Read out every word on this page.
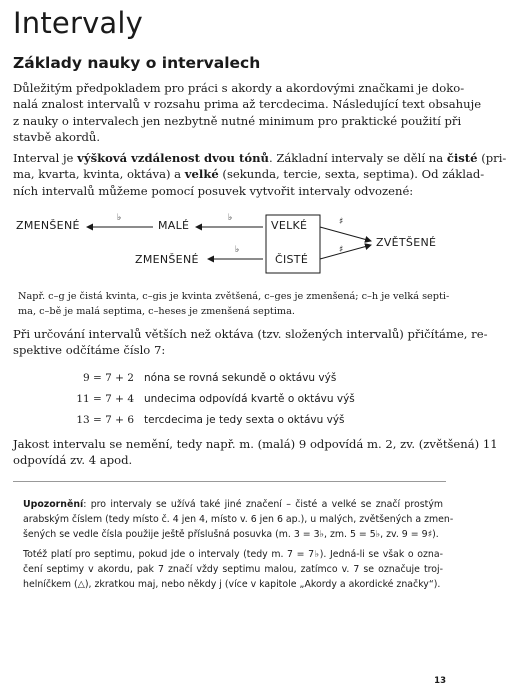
Intervaly
Základy nauky o intervalech
Důležitým předpokladem pro práci s akordy a akordovými značkami je doko-
nalá znalost intervalů v rozsahu prima až tercdecima. Následující text obsahuje
z nauky o intervalech jen nezbytně nutné minimum pro praktické použití při
stavbě akordů.
Interval je výšková vzdálenost dvou tónů. Základní intervaly se dělí na čisté (pri-
ma, kvarta, kvinta, oktáva) a velké (sekunda, tercie, sexta, septima). Od základ-
ních intervalů můžeme pomocí posuvek vytvořit intervaly odvozené:
ZMENŠENÉ	MALÉ	VELKÉ
ČISTÉ
ZMENŠENÉ
ZVĚTŠENÉ
♭	♭
♭
♯
♯
Např. c–g je čistá kvinta, c–gis je kvinta zvětšená, c–ges je zmenšená; c–h je velká septi-
ma, c–bě je malá septima, c–heses je zmenšená septima.
Při určování intervalů větších než oktáva (tzv. složených intervalů) přičítáme, re-
spektive odčítáme číslo 7:
9 = 7 + 2 nóna se rovná sekundě o oktávu výš
11 = 7 + 4 undecima odpovídá kvartě o oktávu výš
13 = 7 + 6 tercdecima je tedy sexta o oktávu výš
Jakost intervalu se nemění, tedy např. m. (malá) 9 odpovídá m. 2, zv. (zvětšená) 11
odpovídá zv. 4 apod.
Upozornění: pro intervaly se užívá také jiné značení – čisté a velké se značí prostým
arabským číslem (tedy místo č. 4 jen 4, místo v. 6 jen 6 ap.), u malých, zvětšených a zmen-
šených se vedle čísla použije ještě příslušná posuvka (m. 3 = 3♭, zm. 5 = 5♭, zv. 9 = 9♯).
Totéž platí pro septimu, pokud jde o intervaly (tedy m. 7 = 7♭). Jedná-li se však o ozna-
čení septimy v akordu, pak 7 značí vždy septimu malou, zatímco v. 7 se označuje troj-
helníčkem (△), zkratkou maj, nebo někdy j (více v kapitole „Akordy a akordické značky“).
13
